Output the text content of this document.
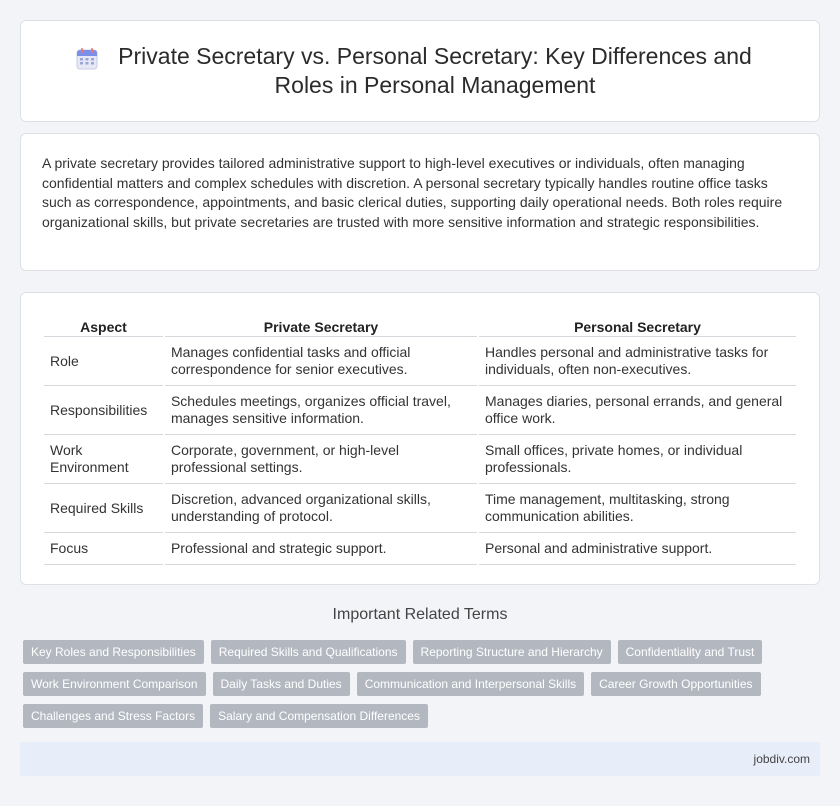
Private Secretary vs. Personal Secretary: Key Differences and Roles in Personal Management

A private secretary provides tailored administrative support to high-level executives or individuals, often managing confidential matters and complex schedules with discretion. A personal secretary typically handles routine office tasks such as correspondence, appointments, and basic clerical duties, supporting daily operational needs. Both roles require organizational skills, but private secretaries are trusted with more sensitive information and strategic responsibilities.

Aspect	Private Secretary	Personal Secretary
Role	Manages confidential tasks and official correspondence for senior executives.	Handles personal and administrative tasks for individuals, often non-executives.
Responsibilities	Schedules meetings, organizes official travel, manages sensitive information.	Manages diaries, personal errands, and general office work.
Work Environment	Corporate, government, or high-level professional settings.	Small offices, private homes, or individual professionals.
Required Skills	Discretion, advanced organizational skills, understanding of protocol.	Time management, multitasking, strong communication abilities.
Focus	Professional and strategic support.	Personal and administrative support.
Important Related Terms
Key Roles and Responsibilities	Required Skills and Qualifications	Reporting Structure and Hierarchy	Confidentiality and Trust
Work Environment Comparison	Daily Tasks and Duties	Communication and Interpersonal Skills	Career Growth Opportunities
Challenges and Stress Factors	Salary and Compensation Differences
jobdiv.com
